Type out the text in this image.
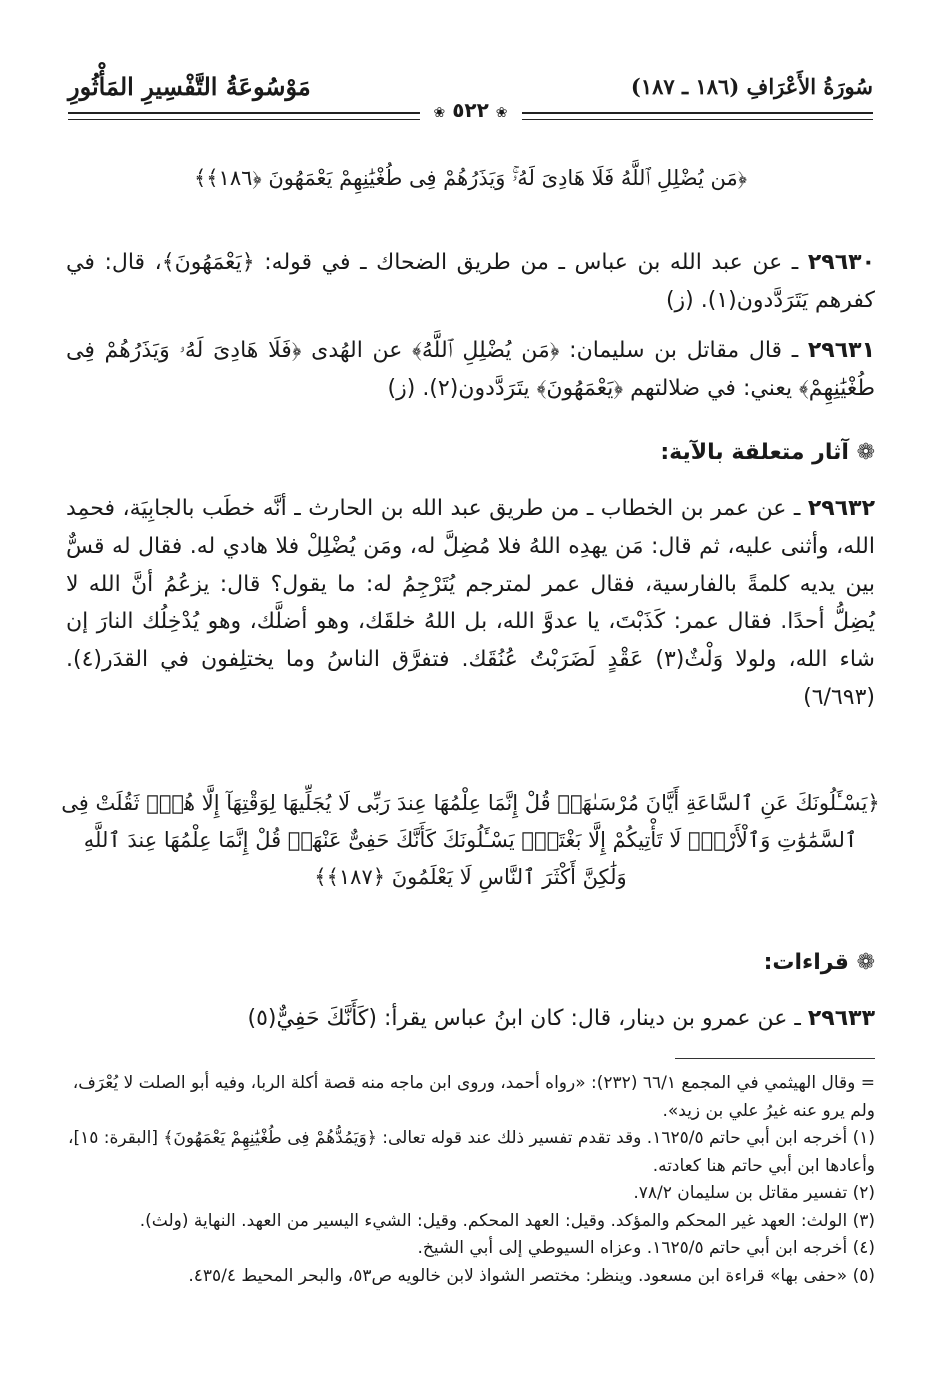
سُورَةُ الأَعْرَافِ (١٨٦ ـ ١٨٧)
مَوْسُوعَةُ التَّفْسِيرِ المَأْثُورِ
❀ ٥٢٢ ❀
﴿مَن يُضْلِلِ ٱللَّهُ فَلَا هَادِىَ لَهُۥۚ وَيَذَرُهُمْ فِى طُغْيَٰنِهِمْ يَعْمَهُونَ ﴿١٨٦﴾﴾
٢٩٦٣٠ ـ عن عبد الله بن عباس ـ من طريق الضحاك ـ في قوله: ﴿يَعْمَهُونَ﴾، قال: في كفرهم يَتَرَدَّدون(١). (ز)
٢٩٦٣١ ـ قال مقاتل بن سليمان: ﴿مَن يُضْلِلِ ٱللَّهُ﴾ عن الهُدى ﴿فَلَا هَادِىَ لَهُۥ وَيَذَرُهُمْ فِى طُغْيَٰنِهِمْ﴾ يعني: في ضلالتهم ﴿يَعْمَهُونَ﴾ يتَرَدَّدون(٢). (ز)
❁ آثار متعلقة بالآية:
٢٩٦٣٢ ـ عن عمر بن الخطاب ـ من طريق عبد الله بن الحارث ـ أنَّه خطَب بالجابِيَة، فحمِد الله، وأثنى عليه، ثم قال: مَن يهدِه اللهُ فلا مُضِلَّ له، ومَن يُضْلِلْ فلا هادي له. فقال له قسٌّ بين يديه كلمةً بالفارسية، فقال عمر لمترجم يُتَرْجِمُ له: ما يقول؟ قال: يزعُمُ أنَّ الله لا يُضِلُّ أحدًا. فقال عمر: كَذَبْتَ، يا عدوَّ الله، بل اللهُ خلقَك، وهو أضلَّك، وهو يُدْخِلُك النارَ إن شاء الله، ولولا وَلْثٌ(٣) عَقْدٍ لَضَرَبْتُ عُنُقَك. فتفرَّق الناسُ وما يختلِفون في القدَر(٤). (٦/٦٩٣)
﴿يَسْـَٔلُونَكَ عَنِ ٱلسَّاعَةِ أَيَّانَ مُرْسَىٰهَاۖ قُلْ إِنَّمَا عِلْمُهَا عِندَ رَبِّى لَا يُجَلِّيهَا لِوَقْتِهَآ إِلَّا هُوَۚ ثَقُلَتْ فِى ٱلسَّمَٰوَٰتِ وَٱلْأَرْضِۚ لَا تَأْتِيكُمْ إِلَّا بَغْتَةًۗ يَسْـَٔلُونَكَ كَأَنَّكَ حَفِىٌّ عَنْهَاۖ قُلْ إِنَّمَا عِلْمُهَا عِندَ ٱللَّهِ وَلَٰكِنَّ أَكْثَرَ ٱلنَّاسِ لَا يَعْلَمُونَ ﴿١٨٧﴾﴾
❁ قراءات:
٢٩٦٣٣ ـ عن عمرو بن دينار، قال: كان ابنُ عباس يقرأ: (كَأَنَّكَ حَفِيٌّ(٥)

= وقال الهيثمي في المجمع ٦٦/١ (٢٣٢): «رواه أحمد، وروى ابن ماجه منه قصة أكلة الربا، وفيه أبو الصلت لا يُعْرَف، ولم يرو عنه غيرُ علي بن زيد».

(١) أخرجه ابن أبي حاتم ١٦٢٥/٥. وقد تقدم تفسير ذلك عند قوله تعالى: ﴿وَيَمُدُّهُمْ فِى طُغْيَٰنِهِمْ يَعْمَهُونَ﴾ [البقرة: ١٥]، وأعادها ابن أبي حاتم هنا كعادته.

(٢) تفسير مقاتل بن سليمان ٧٨/٢.

(٣) الولث: العهد غير المحكم والمؤكد. وقيل: العهد المحكم. وقيل: الشيء اليسير من العهد. النهاية (ولث).

(٤) أخرجه ابن أبي حاتم ١٦٢٥/٥. وعزاه السيوطي إلى أبي الشيخ.

(٥) «حفى بها» قراءة ابن مسعود. وينظر: مختصر الشواذ لابن خالويه ص٥٣، والبحر المحيط ٤٣٥/٤.
